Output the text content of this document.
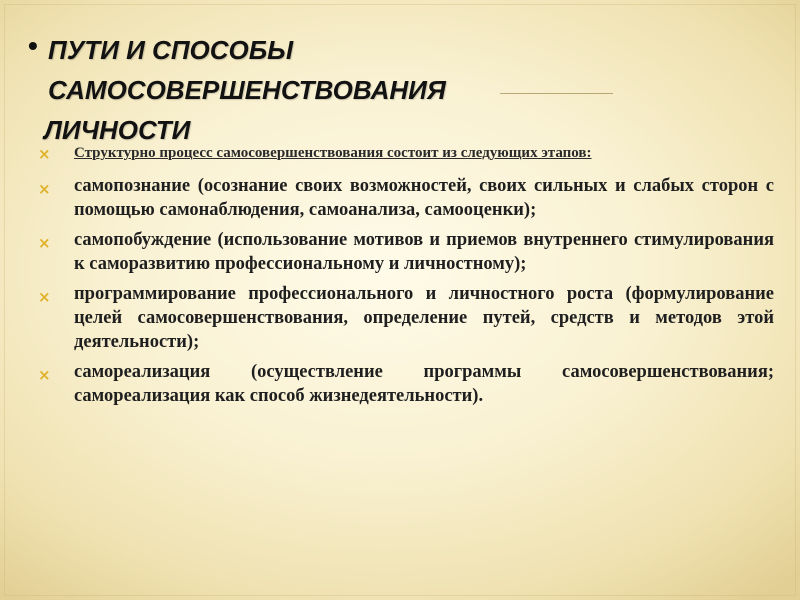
• ПУТИ И СПОСОБЫ
САМОСОВЕРШЕНСТВОВАНИЯ
ЛИЧНОСТИ
× Структурно процесс самосовершенствования состоит из следующих этапов:
× самопознание (осознание своих возможностей, своих сильных и слабых сторон с помощью самонаблюдения, самоанализа, самооценки);
× самопобуждение (использование мотивов и приемов внутреннего стимулирования к саморазвитию профессиональному и личностному);
× программирование профессионального и личностного роста (формулирование целей самосовершенствования, определение путей, средств и методов этой деятельности);
× самореализация (осуществление программы самосовершенствования; самореализация как способ жизнедеятельности).
